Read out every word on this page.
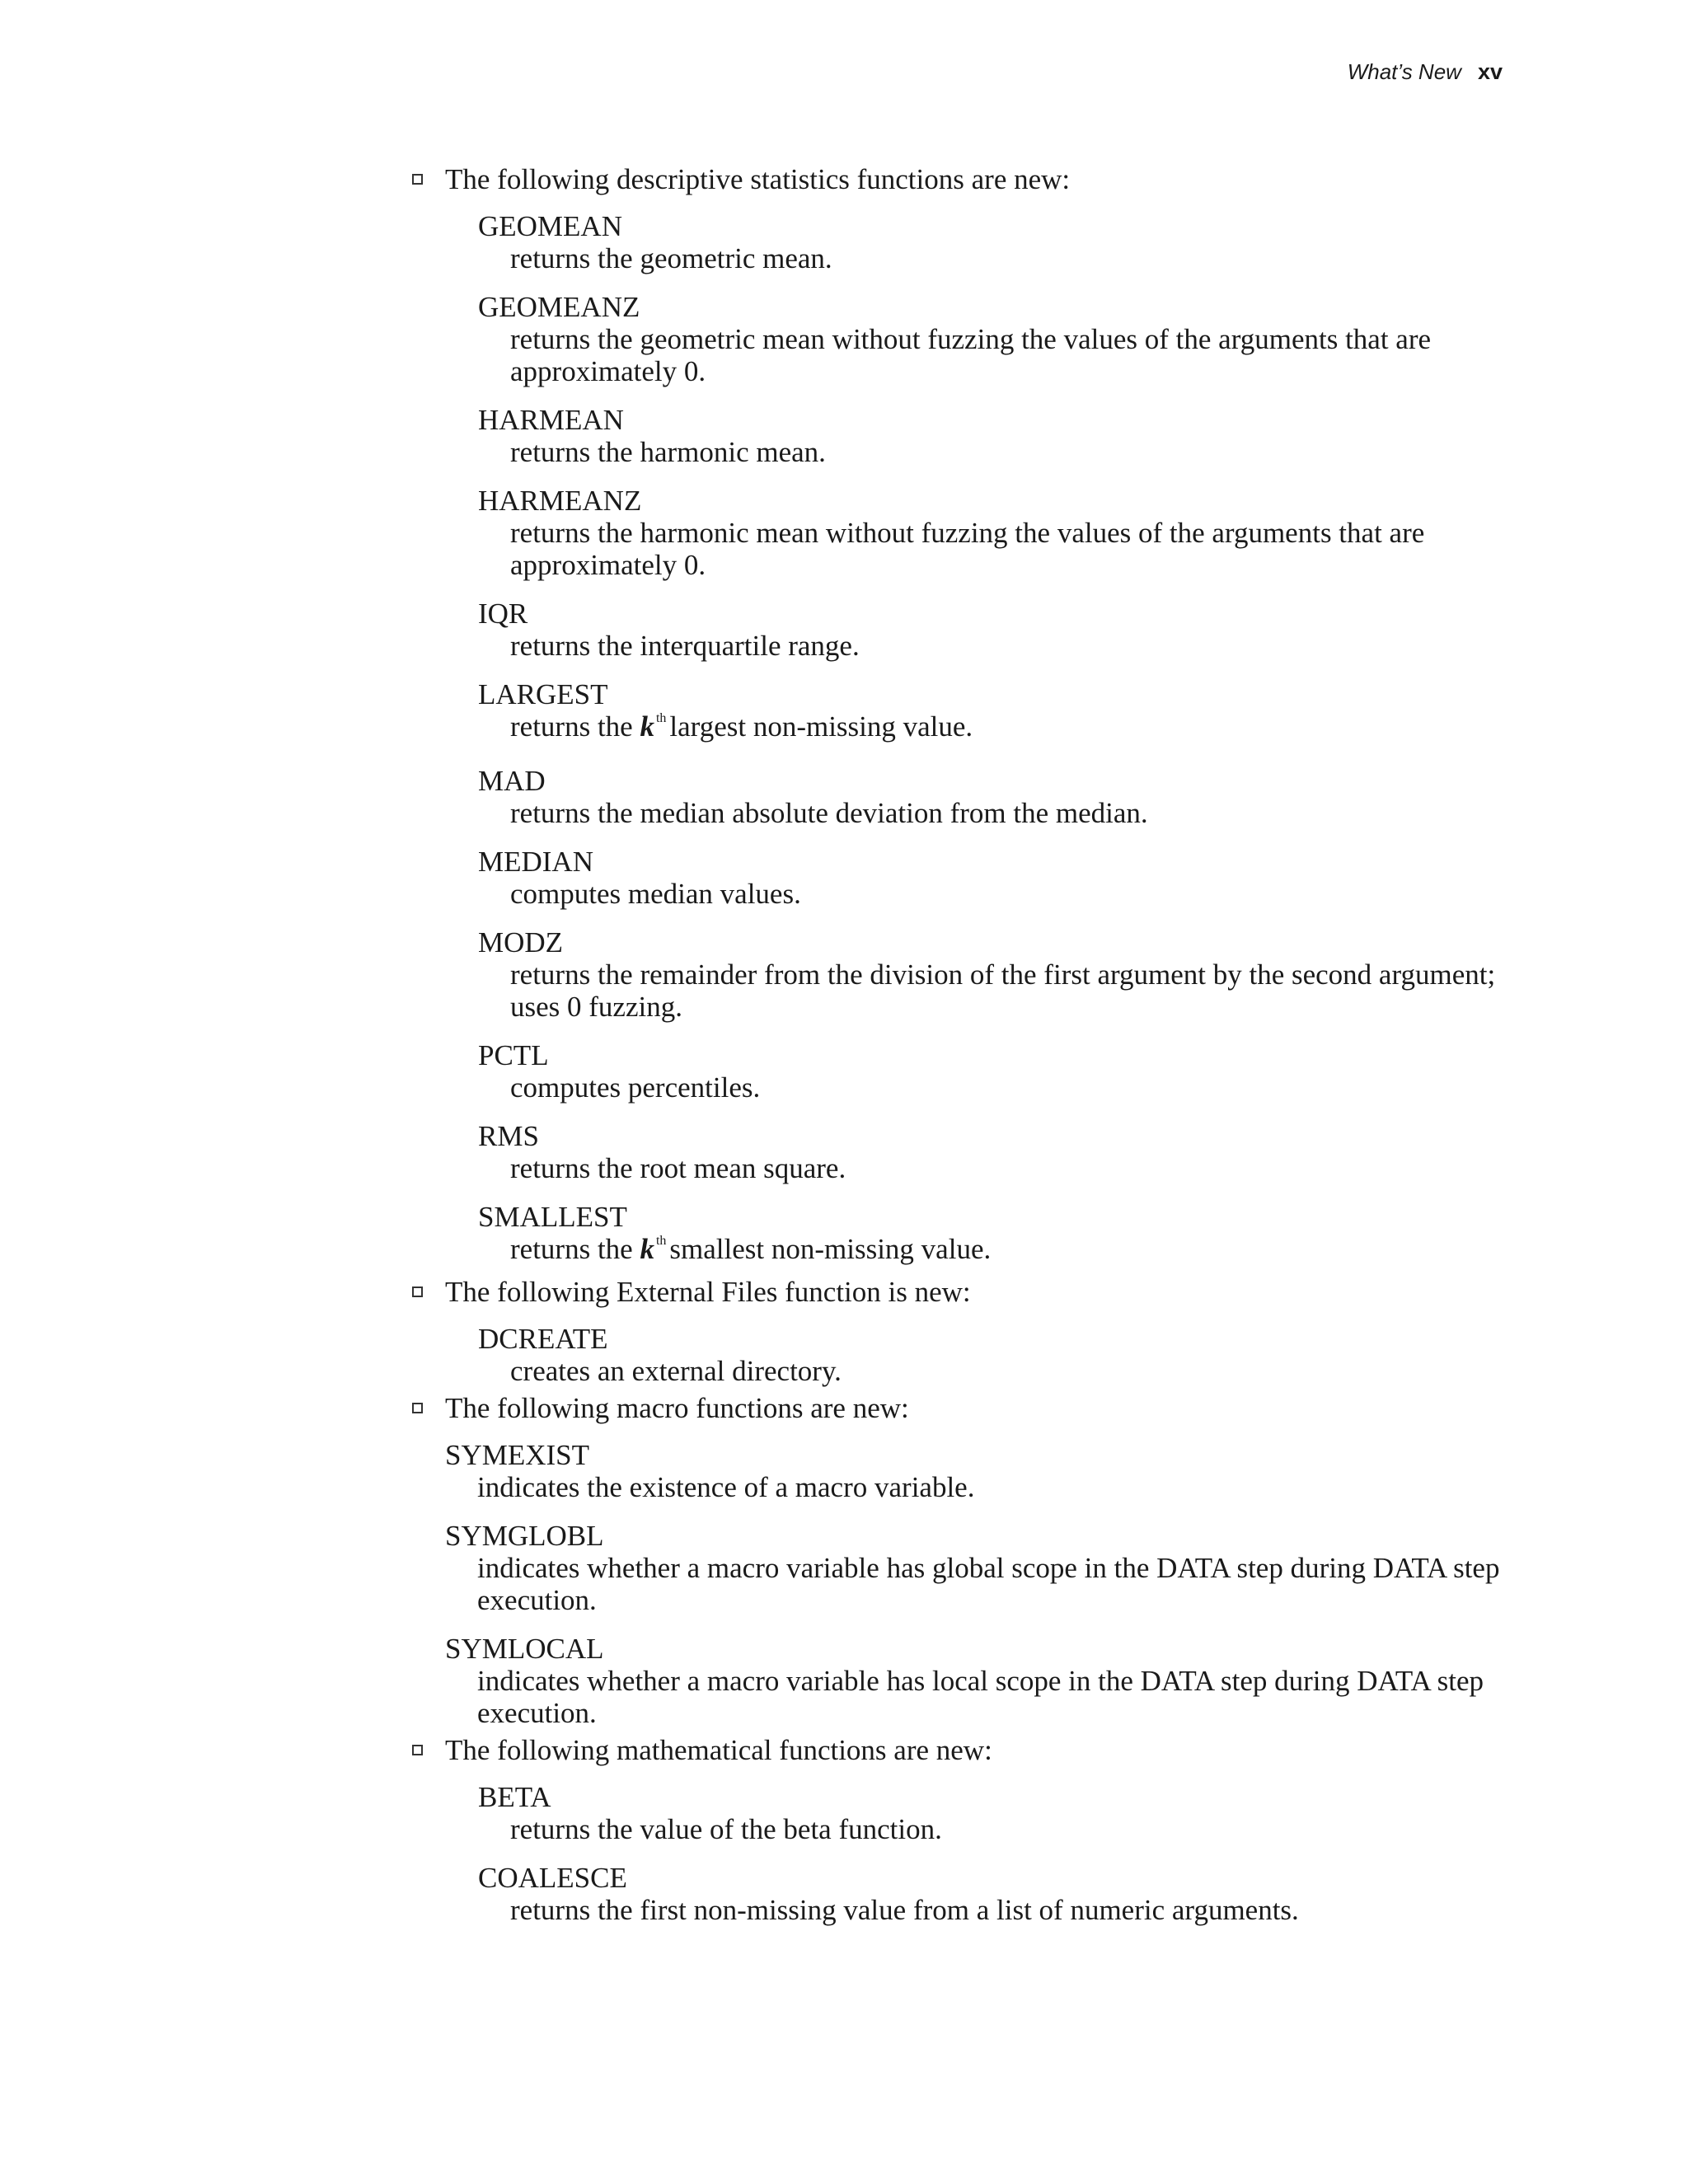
What’s New xv
The following descriptive statistics functions are new:
GEOMEAN
returns the geometric mean.
GEOMEANZ
returns the geometric mean without fuzzing the values of the arguments that are approximately 0.
HARMEAN
returns the harmonic mean.
HARMEANZ
returns the harmonic mean without fuzzing the values of the arguments that are approximately 0.
IQR
returns the interquartile range.
LARGEST
returns the k $^{th}$ largest non-missing value.
MAD
returns the median absolute deviation from the median.
MEDIAN
computes median values.
MODZ
returns the remainder from the division of the first argument by the second argument; uses 0 fuzzing.
PCTL
computes percentiles.
RMS
returns the root mean square.
SMALLEST
returns the k $^{th}$ smallest non-missing value.
The following External Files function is new:
DCREATE
creates an external directory.
The following macro functions are new:
SYMEXIST
indicates the existence of a macro variable.
SYMGLOBL
indicates whether a macro variable has global scope in the DATA step during DATA step execution.
SYMLOCAL
indicates whether a macro variable has local scope in the DATA step during DATA step execution.
The following mathematical functions are new:
BETA
returns the value of the beta function.
COALESCE
returns the first non-missing value from a list of numeric arguments.
